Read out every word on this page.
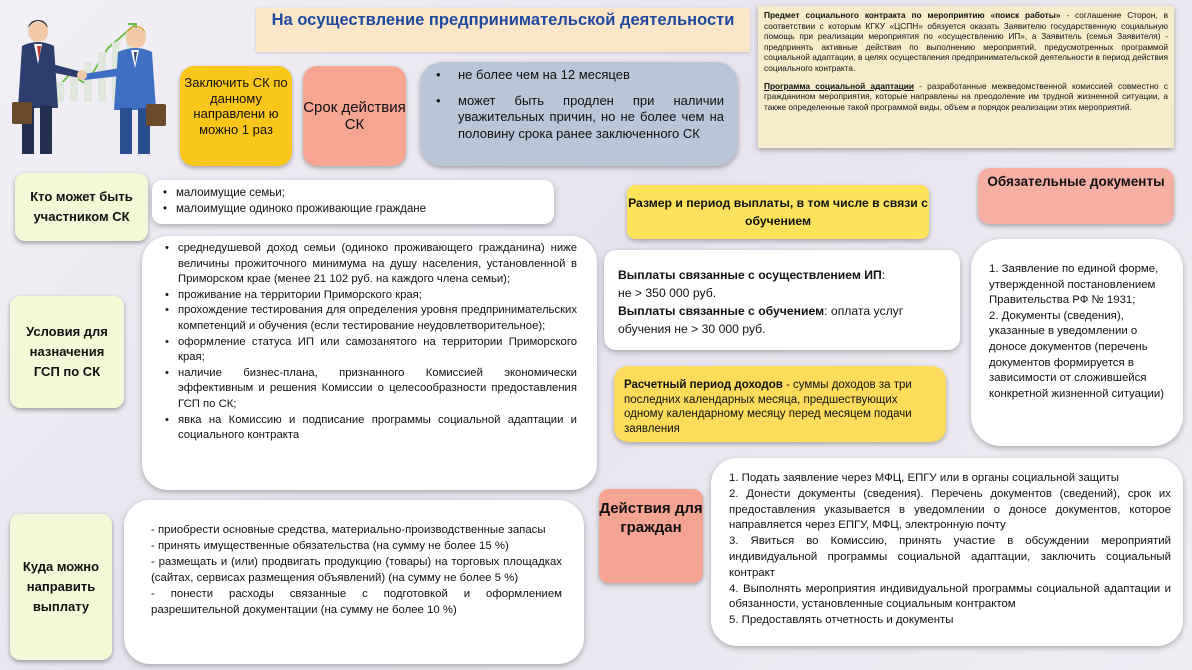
На осуществление предпринимательской деятельности
Заключить СК по данному направлени ю можно 1 раз
Срок действия СК
• не более чем на 12 месяцев
• может быть продлен при наличии уважительных причин, но не более чем на половину срока ранее заключенного СК

Предмет социального контракта по мероприятию «поиск работы» - соглашение Сторон, в соответствии с которым КГКУ «ЦСПН» обязуется оказать Заявителю государственную социальную помощь при реализации мероприятия по «осуществлению ИП», а Заявитель (семья Заявителя) - предпринять активные действия по выполнению мероприятий, предусмотренных программой социальной адаптации, в целях осуществления предпринимательской деятельности в период действия социального контракта.

Программа социальной адаптации - разработанные межведомственной комиссией совместно с гражданином мероприятия, которые направлены на преодоление им трудной жизненной ситуации, а также определенные такой программой виды, объем и порядок реализации этих мероприятий.

Кто может быть участником СК
• малоимущие семьи;
• малоимущие одиноко проживающие граждане
Условия для назначения ГСП по СК
• среднедушевой доход семьи (одиноко проживающего гражданина) ниже величины прожиточного минимума на душу населения, установленной в Приморском крае (менее 21 102 руб. на каждого члена семьи);
• проживание на территории Приморского края;
• прохождение тестирования для определения уровня предпринимательских компетенций и обучения (если тестирование неудовлетворительное);
• оформление статуса ИП или самозанятого на территории Приморского края;
• наличие бизнес-плана, признанного Комиссией экономически эффективным и решения Комиссии о целесообразности предоставления ГСП по СК;
• явка на Комиссию и подписание программы социальной адаптации и социального контракта
Куда можно направить выплату

- приобрести основные средства, материально-производственные запасы

- принять имущественные обязательства (на сумму не более 15 %)

- размещать и (или) продвигать продукцию (товары) на торговых площадках (сайтах, сервисах размещения объявлений) (на сумму не более 5 %)

- понести расходы связанные с подготовкой и оформлением разрешительной документации (на сумму не более 10 %)

Размер и период выплаты, в том числе в связи с обучением
Выплаты связанные с осуществлением ИП:
не > 350 000 руб.
Выплаты связанные с обучением: оплата услуг обучения не > 30 000 руб.
Расчетный период доходов - суммы доходов за три последних календарных месяца, предшествующих одному календарному месяцу перед месяцем подачи заявления
Обязательные документы

1. Заявление по единой форме, утвержденной постановлением Правительства РФ № 1931;

2. Документы (сведения), указанные в уведомлении о доносе документов (перечень документов формируется в зависимости от сложившейся конкретной жизненной ситуации)

Действия для граждан

1. Подать заявление через МФЦ, ЕПГУ или в органы социальной защиты

2. Донести документы (сведения). Перечень документов (сведений), срок их предоставления указывается в уведомлении о доносе документов, которое направляется через ЕПГУ, МФЦ, электронную почту

3. Явиться во Комиссию, принять участие в обсуждении мероприятий индивидуальной программы социальной адаптации, заключить социальный контракт

4. Выполнять мероприятия индивидуальной программы социальной адаптации и обязанности, установленные социальным контрактом

5. Предоставлять отчетность и документы
